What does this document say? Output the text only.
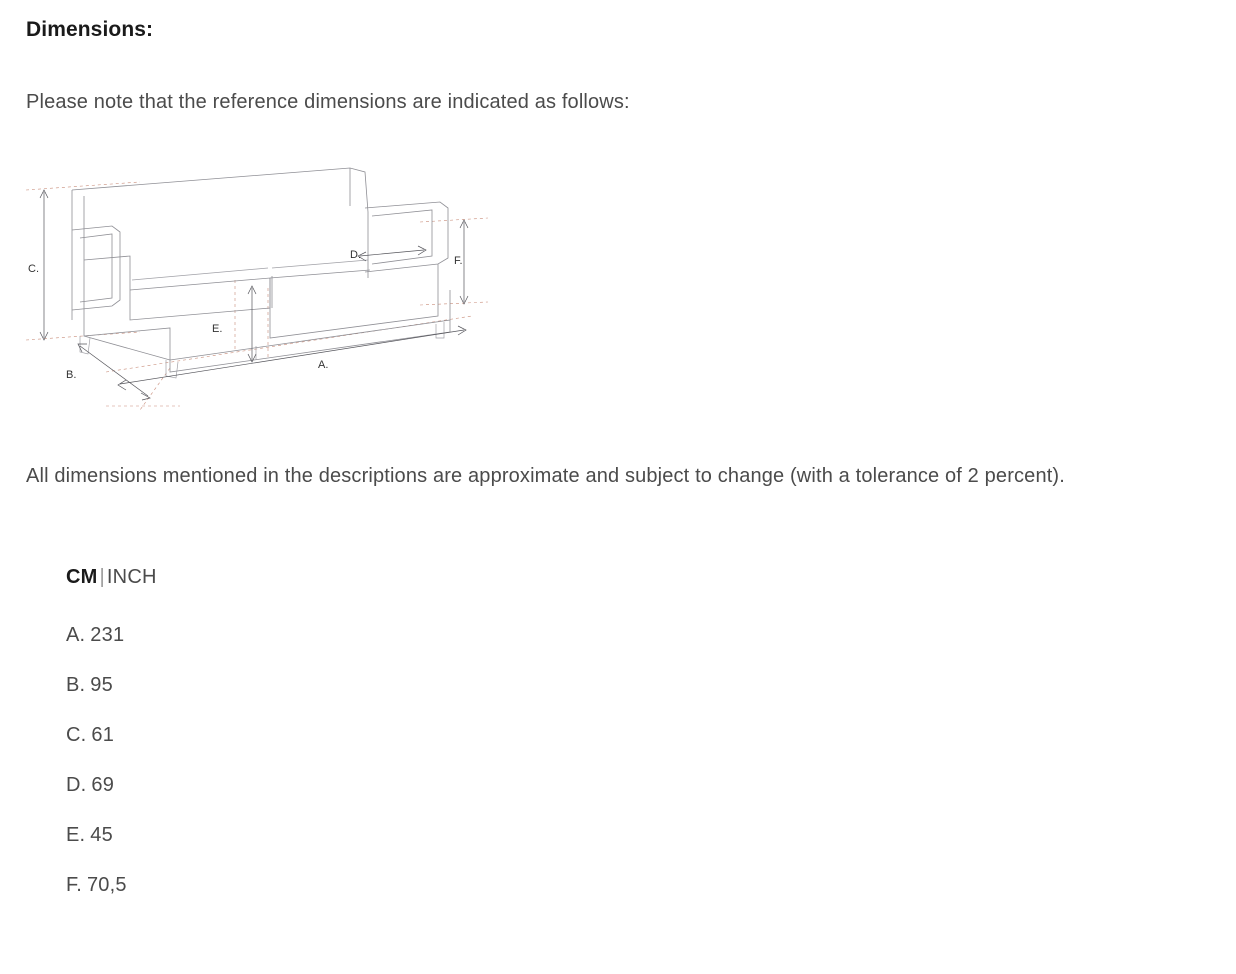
Dimensions:
Please note that the reference dimensions are indicated as follows:
C.
B.
A.
D.
E.
F.
All dimensions mentioned in the descriptions are approximate and subject to change (with a tolerance of 2 percent).
CM | INCH
A. 231
B. 95
C. 61
D. 69
E. 45
F. 70,5
